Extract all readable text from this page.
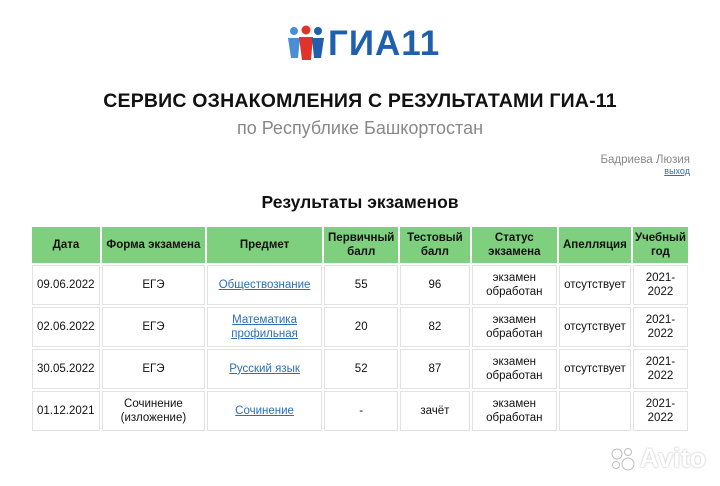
ГИА11
СЕРВИС ОЗНАКОМЛЕНИЯ С РЕЗУЛЬТАТАМИ ГИА-11
по Республике Башкортостан
Бадриева Люзия
выход
Результаты экзаменов
Дата	Форма экзамена	Предмет	Первичный балл	Тестовый балл	Статус экзамена	Апелляция	Учебный год
09.06.2022	ЕГЭ	Обществознание	55	96	экзамен обработан	отсутствует	2021-2022
02.06.2022	ЕГЭ	Математика профильная	20	82	экзамен обработан	отсутствует	2021-2022
30.05.2022	ЕГЭ	Русский язык	52	87	экзамен обработан	отсутствует	2021-2022
01.12.2021	Сочинение (изложение)	Сочинение	-	зачёт	экзамен обработан		2021-2022
Avito
